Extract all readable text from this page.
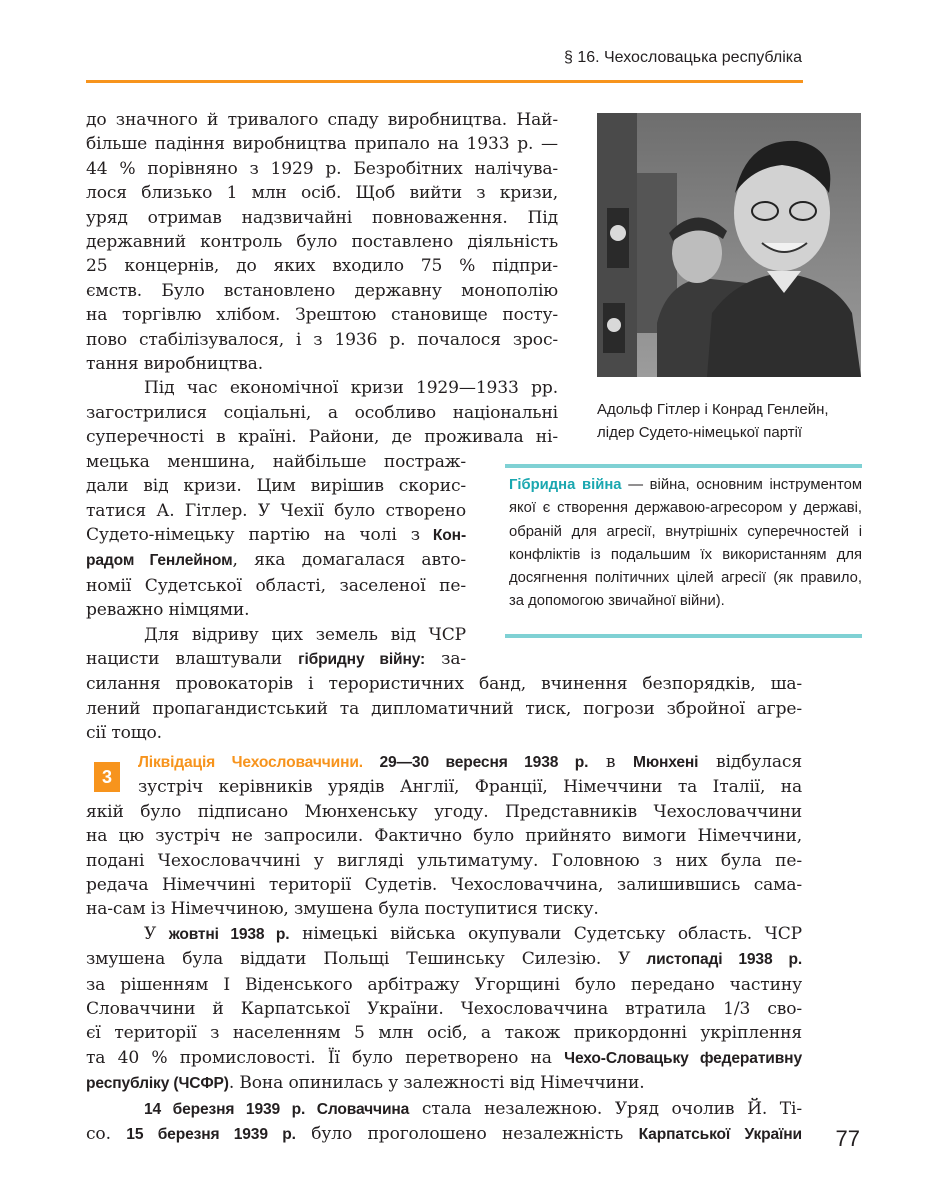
§ 16. Чехословацька республіка
Адольф Гітлер і Конрад Генлейн,
лідер Судето-німецької партії
Гібридна війна — війна, основним інструментом якої є створення державою-агресором у державі, обраній для агресії, внутрішніх суперечностей і конфліктів із подальшим їх використанням для досягнення політичних цілей агресії (як правило, за допомогою звичайної війни).
до значного й тривалого спаду виробництва. Най-
більше падіння виробництва припало на 1933 р. —
44 % порівняно з 1929 р. Безробітних налічува-
лося близько 1 млн осіб. Щоб вийти з кризи,
уряд отримав надзвичайні повноваження. Під
державний контроль було поставлено діяльність
25 концернів, до яких входило 75 % підпри-
ємств. Було встановлено державну монополію
на торгівлю хлібом. Зрештою становище посту-
пово стабілізувалося, і з 1936 р. почалося зрос-
тання виробництва.
Під час економічної кризи 1929—1933 рр.
загострилися соціальні, а особливо національні
суперечності в країні. Райони, де проживала ні-
мецька меншина, найбільше постраж-
дали від кризи. Цим вирішив скорис-
татися А. Гітлер. У Чехії було створено
Судето-німецьку партію на чолі з Кон-
радом Генлейном, яка домагалася авто-
номії Судетської області, заселеної пе-
реважно німцями.
Для відриву цих земель від ЧСР
нацисти влаштували гібридну війну: за-
силання провокаторів і терористичних банд, вчинення безпорядків, ша-
лений пропагандистський та дипломатичний тиск, погрози збройної агре-
сії тощо.
3
Ліквідація Чехословаччини. 29—30 вересня 1938 р. в Мюнхені відбулася
зустріч керівників урядів Англії, Франції, Німеччини та Італії, на
якій було підписано Мюнхенську угоду. Представників Чехословаччини
на цю зустріч не запросили. Фактично було прийнято вимоги Німеччини,
подані Чехословаччині у вигляді ультиматуму. Головною з них була пе-
редача Німеччині території Судетів. Чехословаччина, залишившись сама-
на-сам із Німеччиною, змушена була поступитися тиску.
У жовтні 1938 р. німецькі війська окупували Судетську область. ЧСР
змушена була віддати Польщі Тешинську Силезію. У листопаді 1938 р.
за рішенням І Віденського арбітражу Угорщині було передано частину
Словаччини й Карпатської України. Чехословаччина втратила 1/3 сво-
єї території з населенням 5 млн осіб, а також прикордонні укріплення
та 40 % промисловості. Її було перетворено на Чехо-Словацьку федеративну
республіку (ЧСФР). Вона опинилась у залежності від Німеччини.
14 березня 1939 р. Словаччина стала незалежною. Уряд очолив Й. Ті-
со. 15 березня 1939 р. було проголошено незалежність Карпатської України 77
